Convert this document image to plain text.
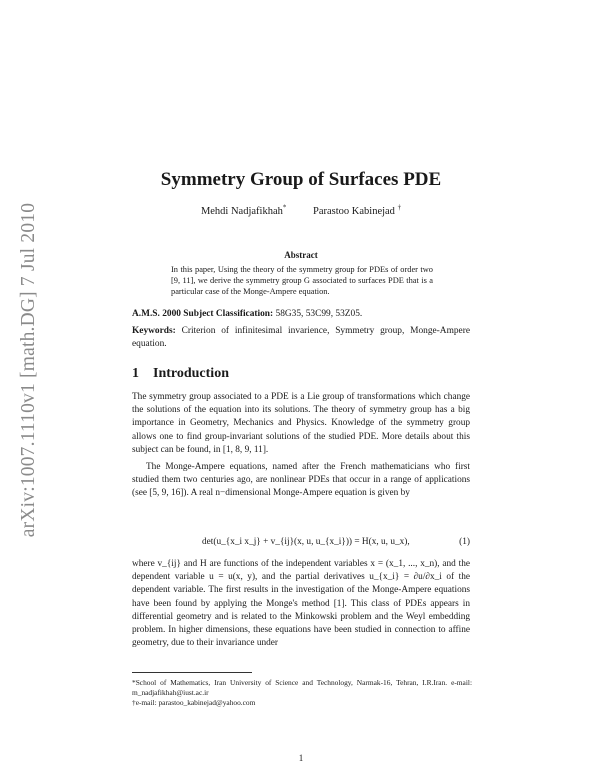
arXiv:1007.1110v1 [math.DG] 7 Jul 2010
Symmetry Group of Surfaces PDE
Mehdi Nadjafikhah*	Parastoo Kabinejad †
Abstract
In this paper, Using the theory of the symmetry group for PDEs of order two [9, 11], we derive the symmetry group G associated to surfaces PDE that is a particular case of the Monge-Ampere equation.
A.M.S. 2000 Subject Classification: 58G35, 53C99, 53Z05.
Keywords: Criterion of infinitesimal invarience, Symmetry group, Monge-Ampere equation.
1 Introduction
The symmetry group associated to a PDE is a Lie group of transformations which change the solutions of the equation into its solutions. The theory of symmetry group has a big importance in Geometry, Mechanics and Physics. Knowledge of the symmetry group allows one to find group-invariant solutions of the studied PDE. More details about this subject can be found, in [1, 8, 9, 11].
The Monge-Ampere equations, named after the French mathematicians who first studied them two centuries ago, are nonlinear PDEs that occur in a range of applications (see [5, 9, 16]). A real n−dimensional Monge-Ampere equation is given by
det(u_{x_i x_j} + v_{ij}(x, u, u_{x_i})) = H(x, u, u_x),	(1)
where v_{ij} and H are functions of the independent variables x = (x_1, ..., x_n), and the dependent variable u = u(x, y), and the partial derivatives u_{x_i} = ∂u/∂x_i of the dependent variable. The first results in the investigation of the Monge-Ampere equations have been found by applying the Monge's method [1]. This class of PDEs appears in differential geometry and is related to the Minkowski problem and the Weyl embedding problem. In higher dimensions, these equations have been studied in connection to affine geometry, due to their invariance under
*School of Mathematics, Iran University of Science and Technology, Narmak-16, Tehran, I.R.Iran. e-mail: m_nadjafikhah@iust.ac.ir
†e-mail: parastoo_kabinejad@yahoo.com
1
